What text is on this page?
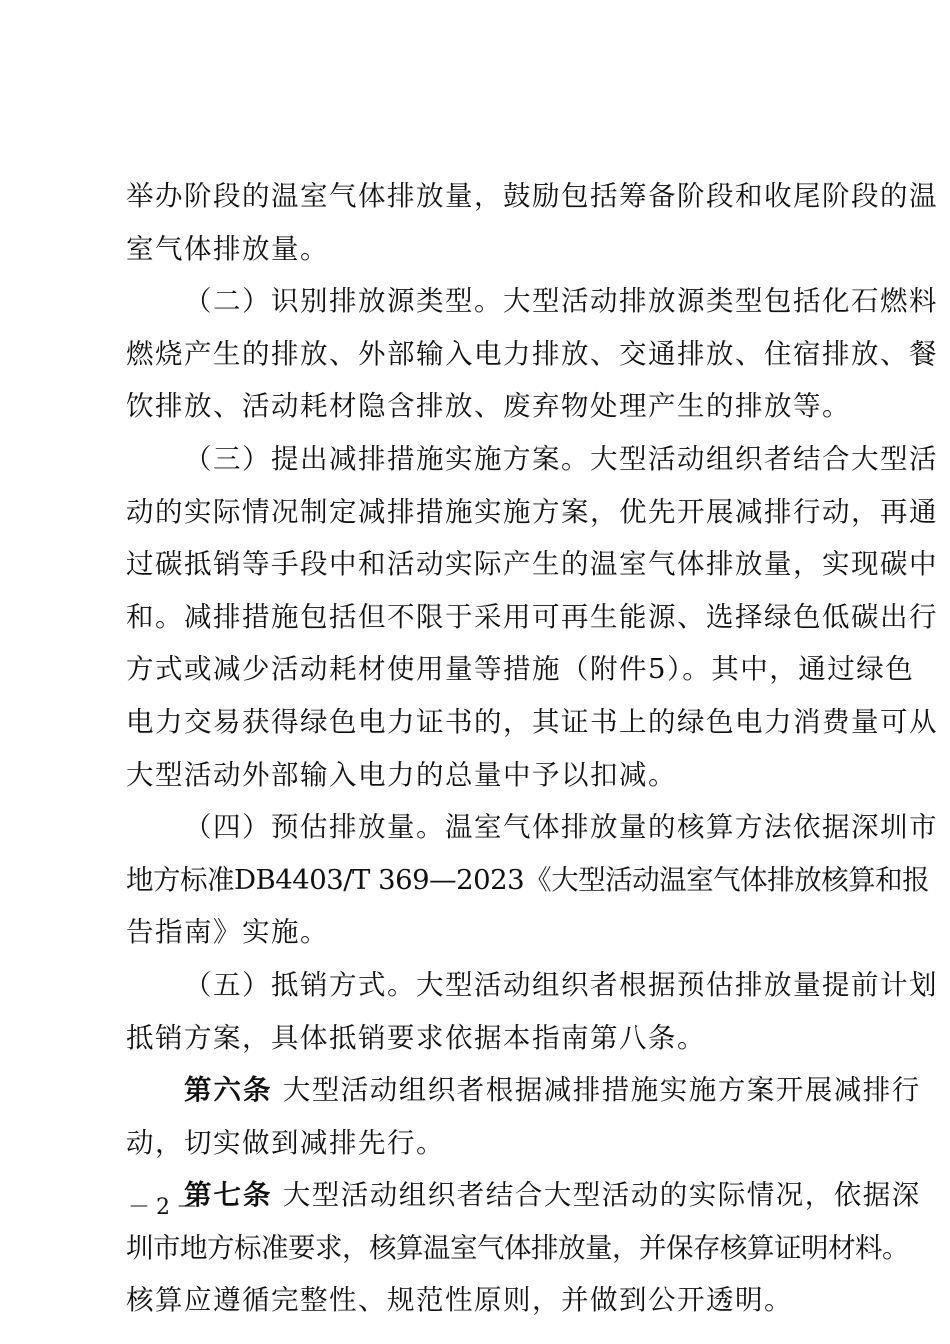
举办阶段的温室气体排放量，鼓励包括筹备阶段和收尾阶段的温
室气体排放量。
（二）识别排放源类型。大型活动排放源类型包括化石燃料
燃烧产生的排放、外部输入电力排放、交通排放、住宿排放、餐
饮排放、活动耗材隐含排放、废弃物处理产生的排放等。
（三）提出减排措施实施方案。大型活动组织者结合大型活
动的实际情况制定减排措施实施方案，优先开展减排行动，再通
过碳抵销等手段中和活动实际产生的温室气体排放量，实现碳中
和。减排措施包括但不限于采用可再生能源、选择绿色低碳出行
方式或减少活动耗材使用量等措施（附件5）。其中，通过绿色
电力交易获得绿色电力证书的，其证书上的绿色电力消费量可从
大型活动外部输入电力的总量中予以扣减。
（四）预估排放量。温室气体排放量的核算方法依据深圳市
地方标准DB4403/T 369—2023《大型活动温室气体排放核算和报
告指南》实施。
（五）抵销方式。大型活动组织者根据预估排放量提前计划
抵销方案，具体抵销要求依据本指南第八条。
第六条 大型活动组织者根据减排措施实施方案开展减排行
动，切实做到减排先行。
第七条 大型活动组织者结合大型活动的实际情况，依据深
圳市地方标准要求，核算温室气体排放量，并保存核算证明材料。
核算应遵循完整性、规范性原则，并做到公开透明。
－2－
